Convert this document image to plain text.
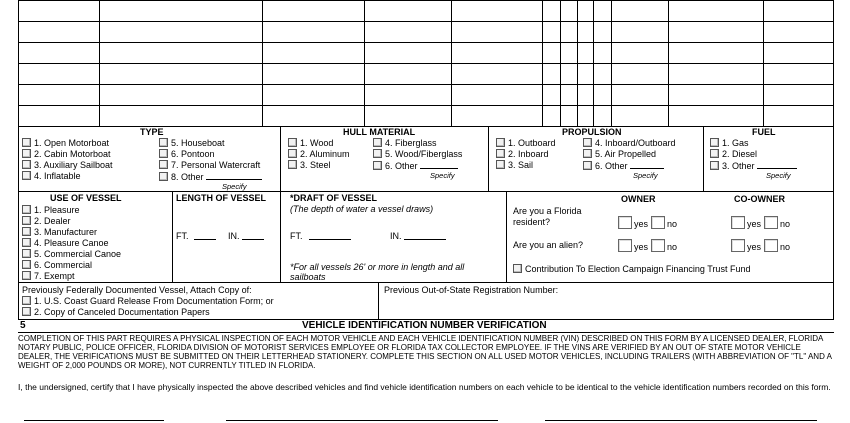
TYPE
1. Open Motorboat
2. Cabin Motorboat
3. Auxiliary Sailboat
4. Inflatable
5. Houseboat
6. Pontoon
7. Personal Watercraft
8. Other
Specify
HULL MATERIAL
1. Wood
2. Aluminum
3. Steel
4. Fiberglass
5. Wood/Fiberglass
6. Other
Specify
PROPULSION
1. Outboard
2. Inboard
3. Sail
4. Inboard/Outboard
5. Air Propelled
6. Other
Specify
FUEL
1. Gas
2. Diesel
3. Other
Specify
USE OF VESSEL
1. Pleasure
2. Dealer
3. Manufacturer
4. Pleasure Canoe
5. Commercial Canoe
6. Commercial
7. Exempt
LENGTH OF VESSEL
FT.	IN.
*DRAFT OF VESSEL
(The depth of water a vessel draws)
FT.	IN.
*For all vessels 26' or more in length and all
sailboats
OWNER	CO-OWNER
Are you a Florida
resident?	yes	no	yes	no
Are you an alien?	yes	no	yes	no
Contribution To Election Campaign Financing Trust Fund
Previously Federally Documented Vessel, Attach Copy of:
1. U.S. Coast Guard Release From Documentation Form; or
2. Copy of Canceled Documentation Papers
Previous Out-of-State Registration Number:
5	VEHICLE IDENTIFICATION NUMBER VERIFICATION
COMPLETION OF THIS PART REQUIRES A PHYSICAL INSPECTION OF EACH MOTOR VEHICLE AND EACH VEHICLE IDENTIFICATION NUMBER (VIN) DESCRIBED ON THIS FORM BY A LICENSED DEALER, FLORIDA NOTARY PUBLIC, POLICE OFFICER, FLORIDA DIVISION OF MOTORIST SERVICES EMPLOYEE OR FLORIDA TAX COLLECTOR EMPLOYEE. IF THE VINS ARE VERIFIED BY AN OUT OF STATE MOTOR VEHICLE DEALER, THE VERIFICATIONS MUST BE SUBMITTED ON THEIR LETTERHEAD STATIONERY. COMPLETE THIS SECTION ON ALL USED MOTOR VEHICLES, INCLUDING TRAILERS (WITH ABBREVIATION OF "TL" AND A WEIGHT OF 2,000 POUNDS OR MORE), NOT CURRENTLY TITLED IN FLORIDA.
I, the undersigned, certify that I have physically inspected the above described vehicles and find vehicle identification numbers on each vehicle to be identical to the vehicle identification numbers recorded on this form.
